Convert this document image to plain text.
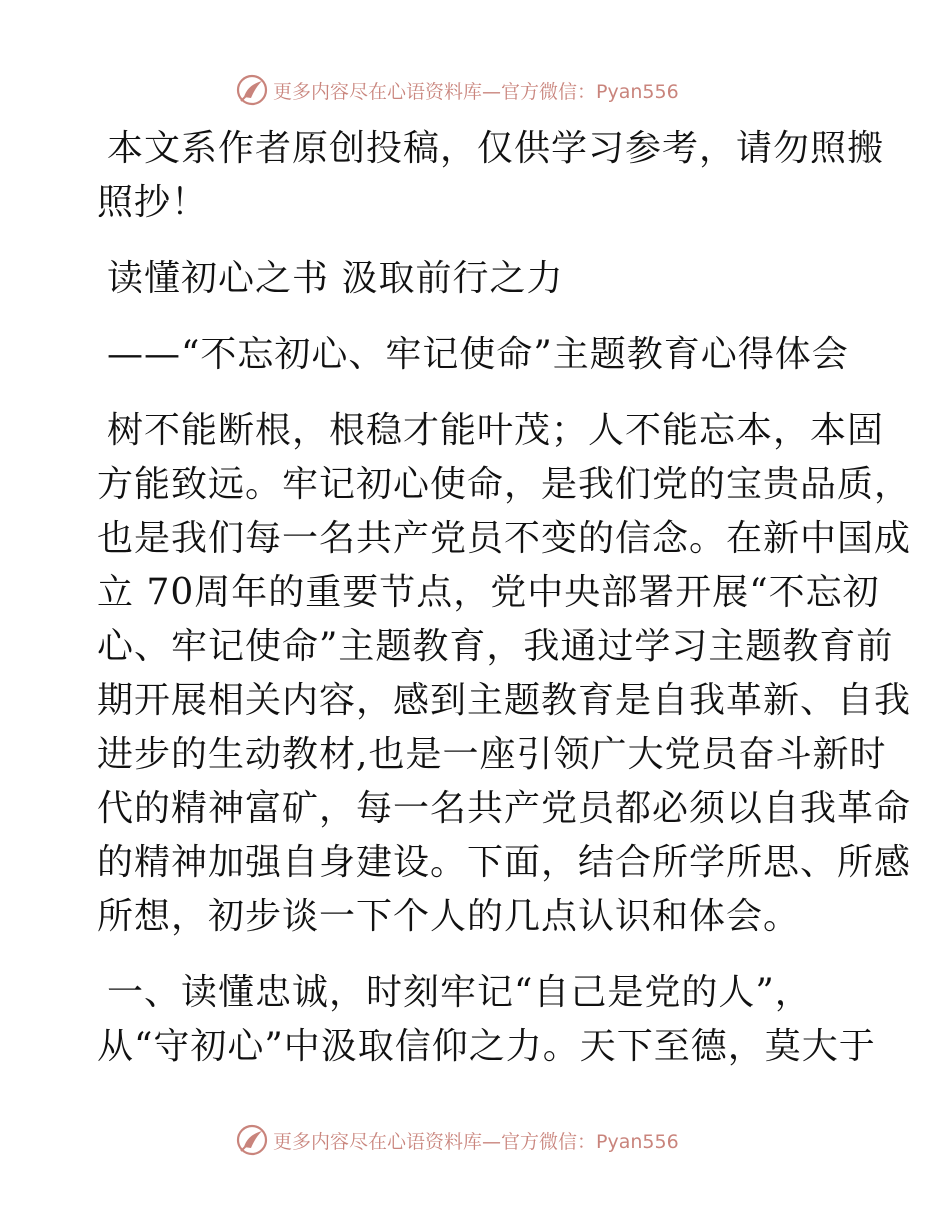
更多内容尽在心语资料库—官方微信：Pyan556
本文系作者原创投稿，仅供学习参考，请勿照搬
照抄！
读懂初心之书 汲取前行之力
——“不忘初心、牢记使命”主题教育心得体会
树不能断根，根稳才能叶茂；人不能忘本，本固
方能致远。牢记初心使命，是我们党的宝贵品质，
也是我们每一名共产党员不变的信念。在新中国成
立 70周年的重要节点，党中央部署开展“不忘初
心、牢记使命”主题教育，我通过学习主题教育前
期开展相关内容，感到主题教育是自我革新、自我
进步的生动教材,也是一座引领广大党员奋斗新时
代的精神富矿，每一名共产党员都必须以自我革命
的精神加强自身建设。下面，结合所学所思、所感
所想，初步谈一下个人的几点认识和体会。
一、读懂忠诚，时刻牢记“自己是党的人”，
从“守初心”中汲取信仰之力。天下至德，莫大于
更多内容尽在心语资料库—官方微信：Pyan556
